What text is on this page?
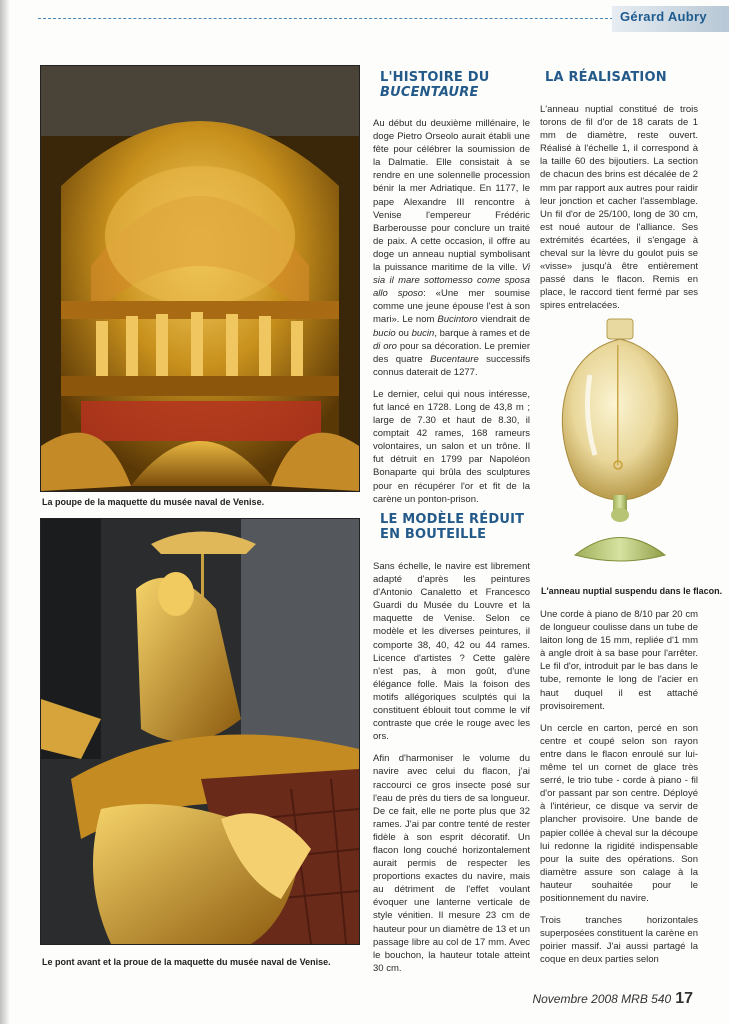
Gérard Aubry
La poupe de la maquette du musée naval de Venise.
Le pont avant et la proue de la maquette du musée naval de Venise.
L'HISTOIRE DU
BUCENTAURE

Au début du deuxième millénaire, le doge Pietro Orseolo aurait établi une fête pour célébrer la soumission de la Dalmatie. Elle consistait à se rendre en une solennelle procession bénir la mer Adriatique. En 1177, le pape Alexandre III rencontre à Venise l'empereur Frédéric Barberousse pour conclure un traité de paix. A cette occasion, il offre au doge un anneau nuptial symbolisant la puissance maritime de la ville. Vi sia il mare sottomesso come sposa allo sposo: «Une mer soumise comme une jeune épouse l'est à son mari». Le nom Bucintoro viendrait de bucio ou bucin, barque à rames et de di oro pour sa décoration. Le premier des quatre Bucentaure successifs connus daterait de 1277.

Le dernier, celui qui nous intéresse, fut lancé en 1728. Long de 43,8 m ; large de 7.30 et haut de 8.30, il comptait 42 rames, 168 rameurs volontaires, un salon et un trône. Il fut détruit en 1799 par Napoléon Bonaparte qui brûla des sculptures pour en récupérer l'or et fit de la carène un ponton-prison.

LE MODÈLE RÉDUIT
EN BOUTEILLE

Sans échelle, le navire est librement adapté d'après les peintures d'Antonio Canaletto et Francesco Guardi du Musée du Louvre et la maquette de Venise. Selon ce modèle et les diverses peintures, il comporte 38, 40, 42 ou 44 rames. Licence d'artistes ? Cette galère n'est pas, à mon goût, d'une élégance folle. Mais la foison des motifs allégoriques sculptés qui la constituent éblouit tout comme le vif contraste que crée le rouge avec les ors.

Afin d'harmoniser le volume du navire avec celui du flacon, j'ai raccourci ce gros insecte posé sur l'eau de près du tiers de sa longueur. De ce fait, elle ne porte plus que 32 rames. J'ai par contre tenté de rester fidèle à son esprit décoratif. Un flacon long couché horizontalement aurait permis de respecter les proportions exactes du navire, mais au détriment de l'effet voulant évoquer une lanterne verticale de style vénitien. Il mesure 23 cm de hauteur pour un diamètre de 13 et un passage libre au col de 17 mm. Avec le bouchon, la hauteur totale atteint 30 cm.

LA RÉALISATION

L'anneau nuptial constitué de trois torons de fil d'or de 18 carats de 1 mm de diamètre, reste ouvert. Réalisé à l'échelle 1, il correspond à la taille 60 des bijoutiers. La section de chacun des brins est décalée de 2 mm par rapport aux autres pour raidir leur jonction et cacher l'assemblage. Un fil d'or de 25/100, long de 30 cm, est noué autour de l'alliance. Ses extrémités écartées, il s'engage à cheval sur la lèvre du goulot puis se «visse» jusqu'à être entièrement passé dans le flacon. Remis en place, le raccord tient fermé par ses spires entrelacées.

L'anneau nuptial suspendu dans le flacon.

Une corde à piano de 8/10 par 20 cm de longueur coulisse dans un tube de laiton long de 15 mm, repliée d'1 mm à angle droit à sa base pour l'arrêter. Le fil d'or, introduit par le bas dans le tube, remonte le long de l'acier en haut duquel il est attaché provisoirement.

Un cercle en carton, percé en son centre et coupé selon son rayon entre dans le flacon enroulé sur lui-même tel un cornet de glace très serré, le trio tube - corde à piano - fil d'or passant par son centre. Déployé à l'intérieur, ce disque va servir de plancher provisoire. Une bande de papier collée à cheval sur la découpe lui redonne la rigidité indispensable pour la suite des opérations. Son diamètre assure son calage à la hauteur souhaitée pour le positionnement du navire.

Trois tranches horizontales superposées constituent la carène en poirier massif. J'ai aussi partagé la coque en deux parties selon

Novembre 2008 MRB 540 17
